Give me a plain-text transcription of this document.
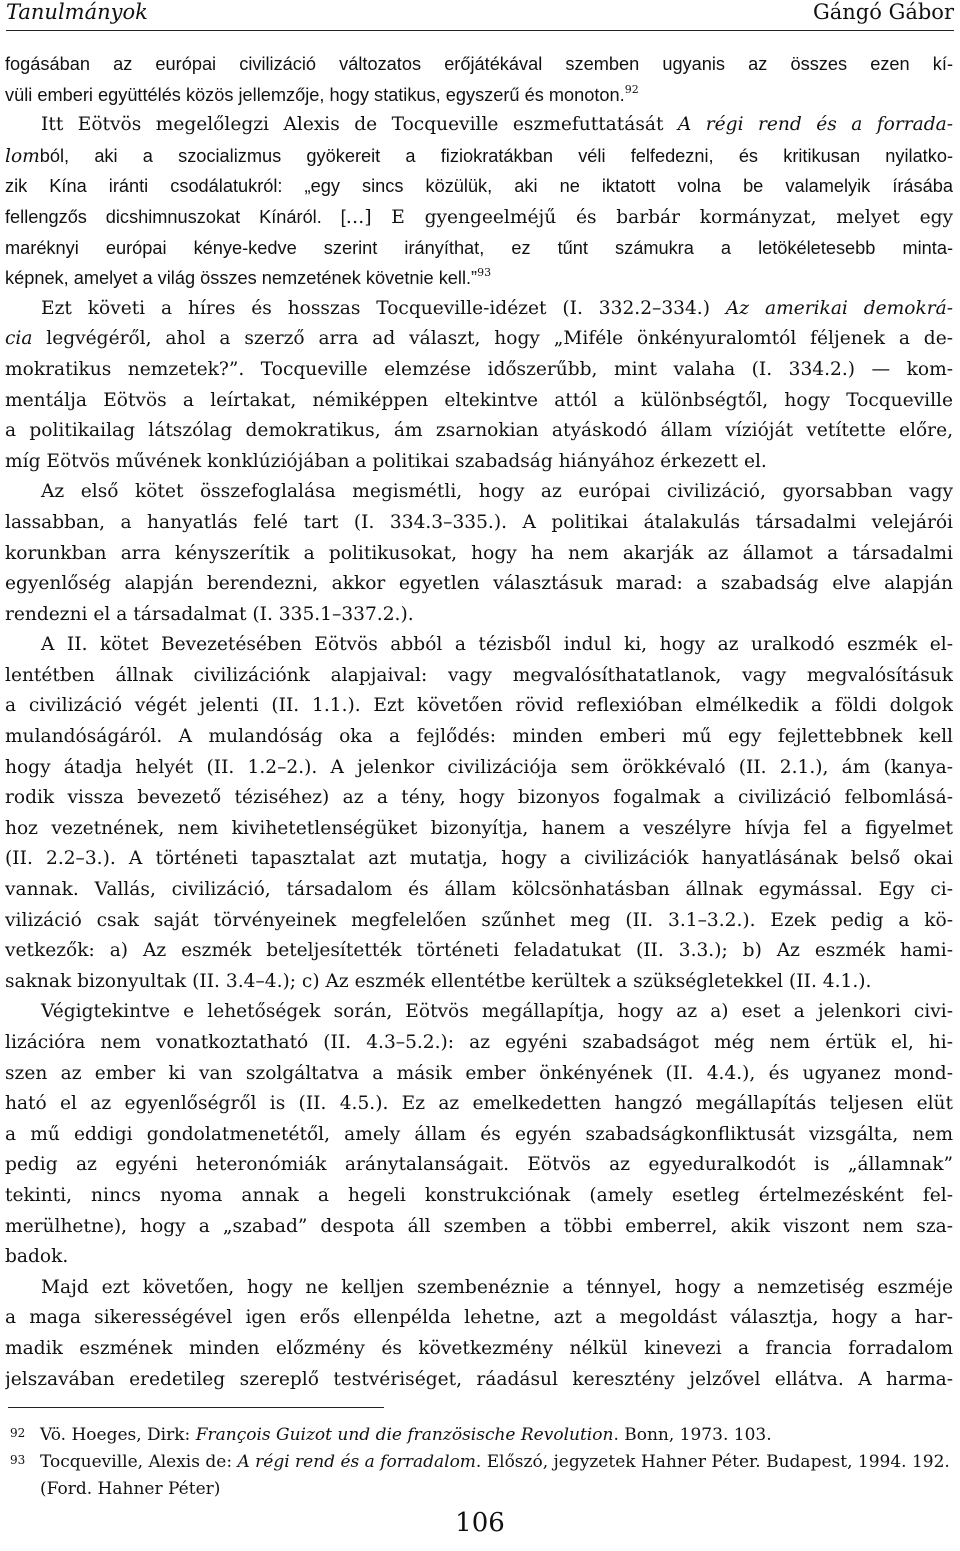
Tanulmányok	Gángó Gábor
fogásában az európai civilizáció változatos erőjátékával szemben ugyanis az összes ezen kí-
vüli emberi együttélés közös jellemzője, hogy statikus, egyszerű és monoton.$^{92}$
Itt Eötvös megelőlegzi Alexis de Tocqueville eszmefuttatását A régi rend és a forrada-
lomból, aki a szocializmus gyökereit a fiziokratákban véli felfedezni, és kritikusan nyilatko-
zik Kína iránti csodálatukról: „egy sincs közülük, aki ne iktatott volna be valamelyik írásába
fellengzős dicshimnuszokat Kínáról. […] E gyengeelméjű és barbár kormányzat, melyet egy
maréknyi európai kénye-kedve szerint irányíthat, ez tűnt számukra a letökéletesebb minta-
képnek, amelyet a világ összes nemzetének követnie kell.”$^{93}$
Ezt követi a híres és hosszas Tocqueville-idézet (I. 332.2–334.) Az amerikai demokrá-
cia legvégéről, ahol a szerző arra ad választ, hogy „Miféle önkényuralomtól féljenek a de-
mokratikus nemzetek?”. Tocqueville elemzése időszerűbb, mint valaha (I. 334.2.) — kom-
mentálja Eötvös a leírtakat, némiképpen eltekintve attól a különbségtől, hogy Tocqueville
a politikailag látszólag demokratikus, ám zsarnokian atyáskodó állam vízióját vetítette előre,
míg Eötvös művének konklúziójában a politikai szabadság hiányához érkezett el.
Az első kötet összefoglalása megismétli, hogy az európai civilizáció, gyorsabban vagy
lassabban, a hanyatlás felé tart (I. 334.3–335.). A politikai átalakulás társadalmi velejárói
korunkban arra kényszerítik a politikusokat, hogy ha nem akarják az államot a társadalmi
egyenlőség alapján berendezni, akkor egyetlen választásuk marad: a szabadság elve alapján
rendezni el a társadalmat (I. 335.1–337.2.).
A II. kötet Bevezetésében Eötvös abból a tézisből indul ki, hogy az uralkodó eszmék el-
lentétben állnak civilizációnk alapjaival: vagy megvalósíthatatlanok, vagy megvalósításuk
a civilizáció végét jelenti (II. 1.1.). Ezt követően rövid reflexióban elmélkedik a földi dolgok
mulandóságáról. A mulandóság oka a fejlődés: minden emberi mű egy fejlettebbnek kell
hogy átadja helyét (II. 1.2–2.). A jelenkor civilizációja sem örökkévaló (II. 2.1.), ám (kanya-
rodik vissza bevezető téziséhez) az a tény, hogy bizonyos fogalmak a civilizáció felbomlásá-
hoz vezetnének, nem kivihetetlenségüket bizonyítja, hanem a veszélyre hívja fel a figyelmet
(II. 2.2–3.). A történeti tapasztalat azt mutatja, hogy a civilizációk hanyatlásának belső okai
vannak. Vallás, civilizáció, társadalom és állam kölcsönhatásban állnak egymással. Egy ci-
vilizáció csak saját törvényeinek megfelelően szűnhet meg (II. 3.1–3.2.). Ezek pedig a kö-
vetkezők: a) Az eszmék beteljesítették történeti feladatukat (II. 3.3.); b) Az eszmék hami-
saknak bizonyultak (II. 3.4–4.); c) Az eszmék ellentétbe kerültek a szükségletekkel (II. 4.1.).
Végigtekintve e lehetőségek során, Eötvös megállapítja, hogy az a) eset a jelenkori civi-
lizációra nem vonatkoztatható (II. 4.3–5.2.): az egyéni szabadságot még nem értük el, hi-
szen az ember ki van szolgáltatva a másik ember önkényének (II. 4.4.), és ugyanez mond-
ható el az egyenlőségről is (II. 4.5.). Ez az emelkedetten hangzó megállapítás teljesen elüt
a mű eddigi gondolatmenetétől, amely állam és egyén szabadságkonfliktusát vizsgálta, nem
pedig az egyéni heteronómiák aránytalanságait. Eötvös az egyeduralkodót is „államnak”
tekinti, nincs nyoma annak a hegeli konstrukciónak (amely esetleg értelmezésként fel-
merülhetne), hogy a „szabad” despota áll szemben a többi emberrel, akik viszont nem sza-
badok.
Majd ezt követően, hogy ne kelljen szembenéznie a ténnyel, hogy a nemzetiség eszméje
a maga sikerességével igen erős ellenpélda lehetne, azt a megoldást választja, hogy a har-
madik eszmének minden előzmény és következmény nélkül kinevezi a francia forradalom
jelszavában eredetileg szereplő testvériséget, ráadásul keresztény jelzővel ellátva. A harma-
92 Vö. Hoeges, Dirk: François Guizot und die französische Revolution. Bonn, 1973. 103.
93 Tocqueville, Alexis de: A régi rend és a forradalom. Előszó, jegyzetek Hahner Péter. Budapest, 1994. 192. (Ford. Hahner Péter)
106
